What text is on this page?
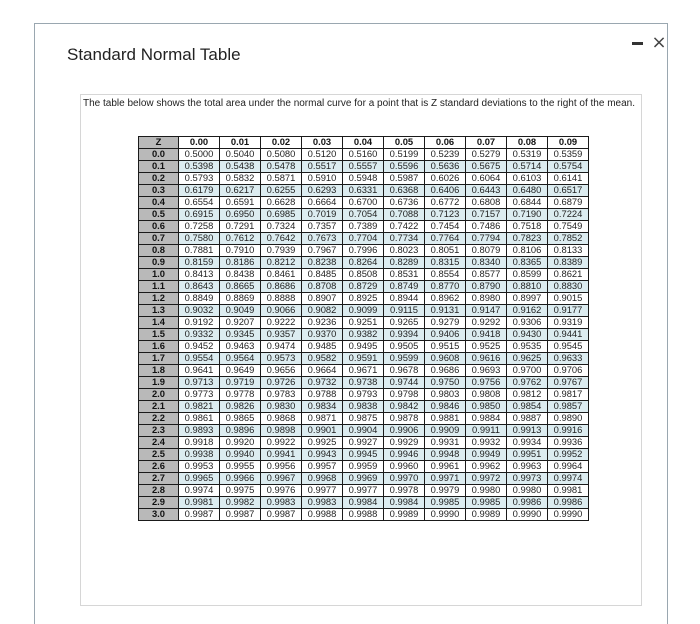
×
Standard Normal Table
The table below shows the total area under the normal curve for a point that is Z standard deviations to the right of the mean.
Z	0.00	0.01	0.02	0.03	0.04	0.05	0.06	0.07	0.08	0.09
0.0	0.5000	0.5040	0.5080	0.5120	0.5160	0.5199	0.5239	0.5279	0.5319	0.5359
0.1	0.5398	0.5438	0.5478	0.5517	0.5557	0.5596	0.5636	0.5675	0.5714	0.5754
0.2	0.5793	0.5832	0.5871	0.5910	0.5948	0.5987	0.6026	0.6064	0.6103	0.6141
0.3	0.6179	0.6217	0.6255	0.6293	0.6331	0.6368	0.6406	0.6443	0.6480	0.6517
0.4	0.6554	0.6591	0.6628	0.6664	0.6700	0.6736	0.6772	0.6808	0.6844	0.6879
0.5	0.6915	0.6950	0.6985	0.7019	0.7054	0.7088	0.7123	0.7157	0.7190	0.7224
0.6	0.7258	0.7291	0.7324	0.7357	0.7389	0.7422	0.7454	0.7486	0.7518	0.7549
0.7	0.7580	0.7612	0.7642	0.7673	0.7704	0.7734	0.7764	0.7794	0.7823	0.7852
0.8	0.7881	0.7910	0.7939	0.7967	0.7996	0.8023	0.8051	0.8079	0.8106	0.8133
0.9	0.8159	0.8186	0.8212	0.8238	0.8264	0.8289	0.8315	0.8340	0.8365	0.8389
1.0	0.8413	0.8438	0.8461	0.8485	0.8508	0.8531	0.8554	0.8577	0.8599	0.8621
1.1	0.8643	0.8665	0.8686	0.8708	0.8729	0.8749	0.8770	0.8790	0.8810	0.8830
1.2	0.8849	0.8869	0.8888	0.8907	0.8925	0.8944	0.8962	0.8980	0.8997	0.9015
1.3	0.9032	0.9049	0.9066	0.9082	0.9099	0.9115	0.9131	0.9147	0.9162	0.9177
1.4	0.9192	0.9207	0.9222	0.9236	0.9251	0.9265	0.9279	0.9292	0.9306	0.9319
1.5	0.9332	0.9345	0.9357	0.9370	0.9382	0.9394	0.9406	0.9418	0.9430	0.9441
1.6	0.9452	0.9463	0.9474	0.9485	0.9495	0.9505	0.9515	0.9525	0.9535	0.9545
1.7	0.9554	0.9564	0.9573	0.9582	0.9591	0.9599	0.9608	0.9616	0.9625	0.9633
1.8	0.9641	0.9649	0.9656	0.9664	0.9671	0.9678	0.9686	0.9693	0.9700	0.9706
1.9	0.9713	0.9719	0.9726	0.9732	0.9738	0.9744	0.9750	0.9756	0.9762	0.9767
2.0	0.9773	0.9778	0.9783	0.9788	0.9793	0.9798	0.9803	0.9808	0.9812	0.9817
2.1	0.9821	0.9826	0.9830	0.9834	0.9838	0.9842	0.9846	0.9850	0.9854	0.9857
2.2	0.9861	0.9865	0.9868	0.9871	0.9875	0.9878	0.9881	0.9884	0.9887	0.9890
2.3	0.9893	0.9896	0.9898	0.9901	0.9904	0.9906	0.9909	0.9911	0.9913	0.9916
2.4	0.9918	0.9920	0.9922	0.9925	0.9927	0.9929	0.9931	0.9932	0.9934	0.9936
2.5	0.9938	0.9940	0.9941	0.9943	0.9945	0.9946	0.9948	0.9949	0.9951	0.9952
2.6	0.9953	0.9955	0.9956	0.9957	0.9959	0.9960	0.9961	0.9962	0.9963	0.9964
2.7	0.9965	0.9966	0.9967	0.9968	0.9969	0.9970	0.9971	0.9972	0.9973	0.9974
2.8	0.9974	0.9975	0.9976	0.9977	0.9977	0.9978	0.9979	0.9980	0.9980	0.9981
2.9	0.9981	0.9982	0.9983	0.9983	0.9984	0.9984	0.9985	0.9985	0.9986	0.9986
3.0	0.9987	0.9987	0.9987	0.9988	0.9988	0.9989	0.9990	0.9989	0.9990	0.9990
